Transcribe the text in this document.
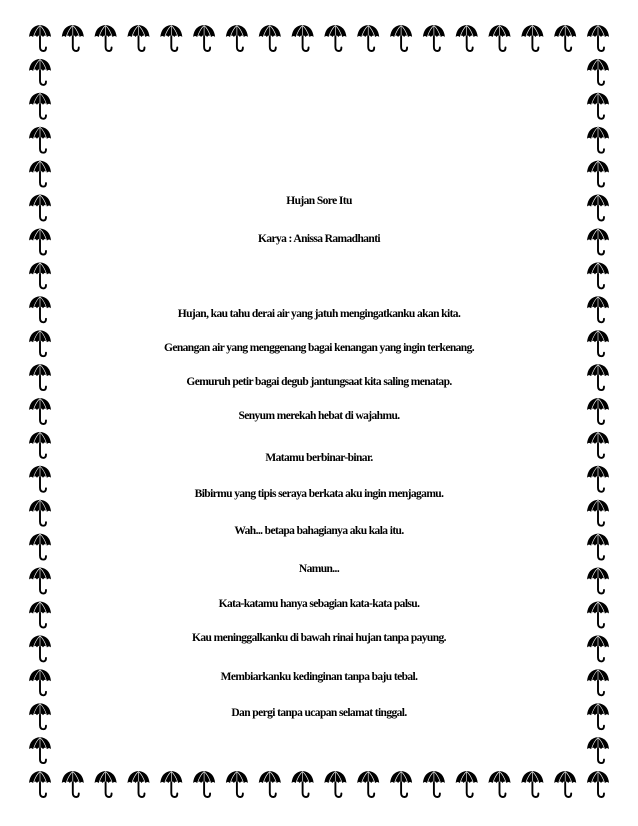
Hujan Sore Itu
Karya : Anissa Ramadhanti
Hujan, kau tahu derai air yang jatuh mengingatkanku akan kita.
Genangan air yang menggenang bagai kenangan yang ingin terkenang.
Gemuruh petir bagai degub jantungsaat kita saling menatap.
Senyum merekah hebat di wajahmu.
Matamu berbinar-binar.
Bibirmu yang tipis seraya berkata aku ingin menjagamu.
Wah... betapa bahagianya aku kala itu.
Namun...
Kata-katamu hanya sebagian kata-kata palsu.
Kau meninggalkanku di bawah rinai hujan tanpa payung.
Membiarkanku kedinginan tanpa baju tebal.
Dan pergi tanpa ucapan selamat tinggal.
